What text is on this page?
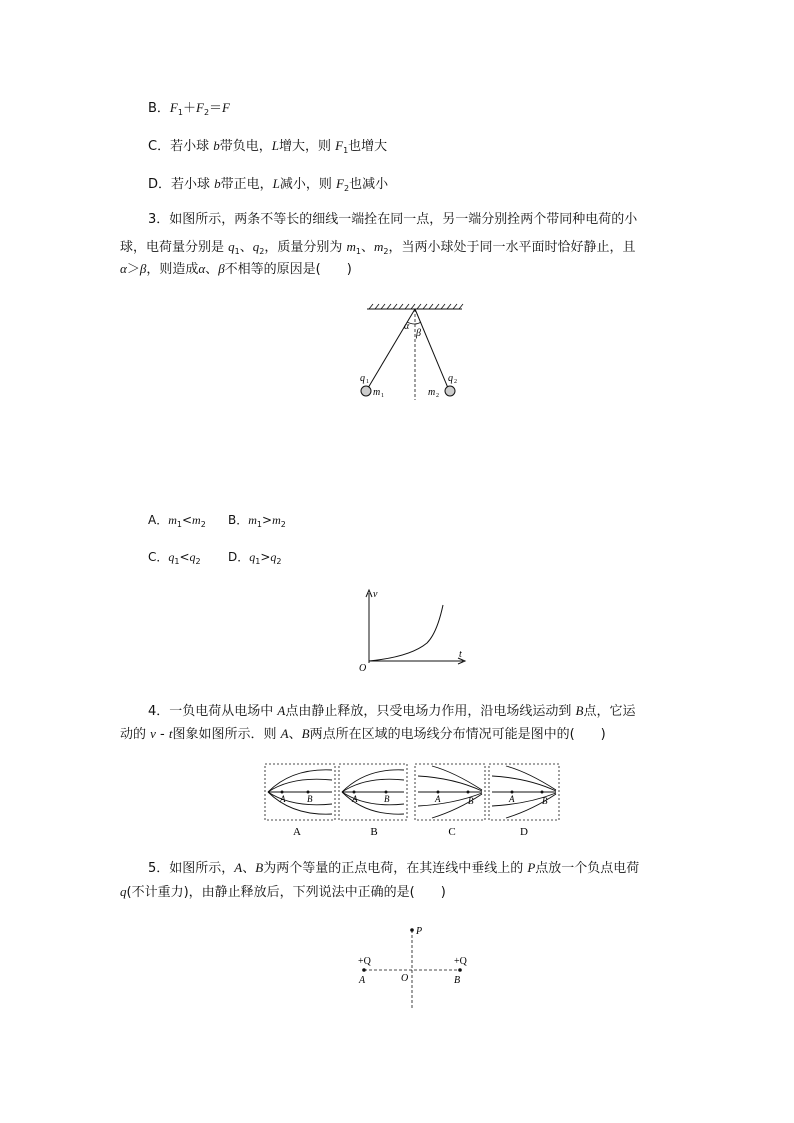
B．$F_1+F_2=F$
C．若小球 b带负电，L增大，则 $F_1$也增大
D．若小球 b带正电，L减小，则 $F_2$也减小
3．如图所示，两条不等长的细线一端拴在同一点，另一端分别拴两个带同种电荷的小
球，电荷量分别是 $q_1$、$q_2$，质量分别为 $m_1$、$m_2$，当两小球处于同一水平面时恰好静止，且
α＞β，则造成α、β不相等的原因是(　　)
α
β
q 1
m 1
q 2
m 2
A．$m_1<m_2$ B．$m_1>m_2$
C．$q_1<q_2$ D．$q_1>q_2$
v
t
O
4．一负电荷从电场中 A点由静止释放，只受电场力作用，沿电场线运动到 B点，它运
动的 v - t图象如图所示．则 A、B两点所在区域的电场线分布情况可能是图中的(　　)
A B
A
A	B
B
A	B
C
A	B
D
5．如图所示，A、B为两个等量的正点电荷，在其连线中垂线上的 P点放一个负点电荷
q(不计重力)，由静止释放后，下列说法中正确的是(　　)
P
+Q	+Q
A	B
O
